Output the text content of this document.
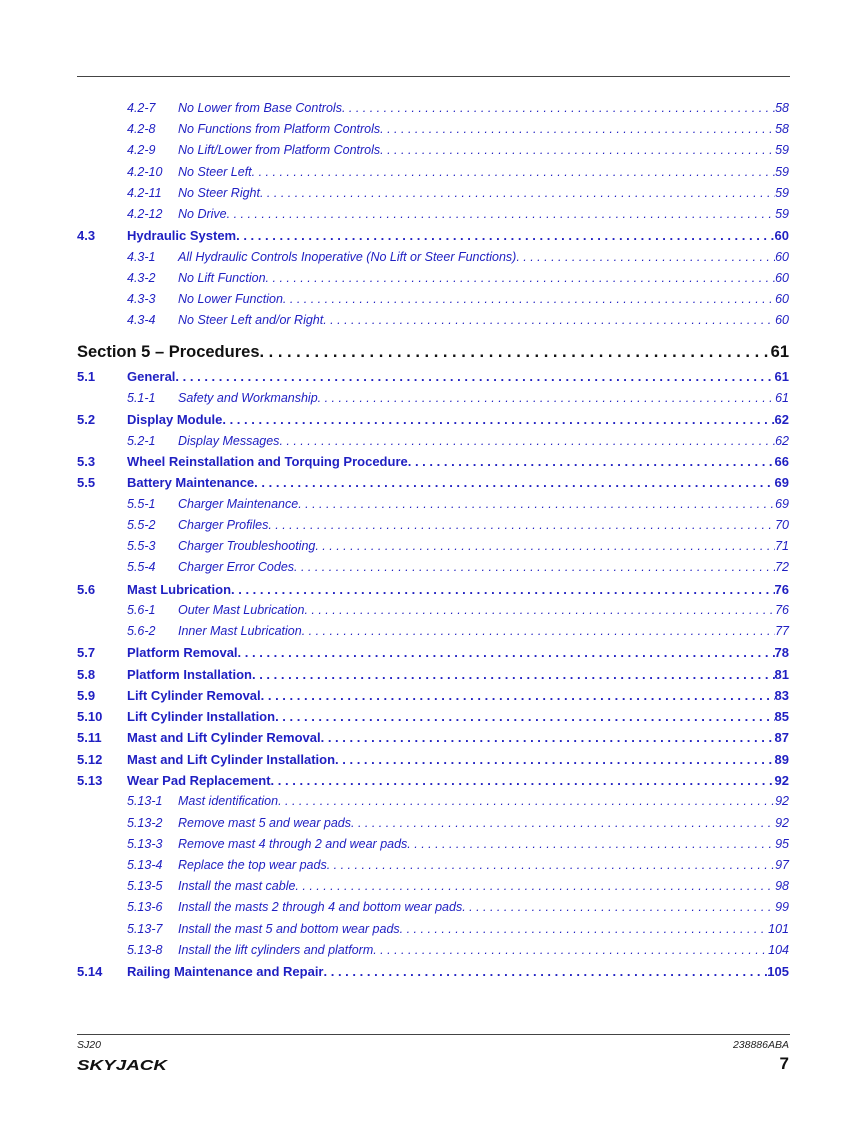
4.2-7 No Lower from Base Controls . . .	58
4.2-8 No Functions from Platform Controls . . .	58
4.2-9 No Lift/Lower from Platform Controls . . .	59
4.2-10 No Steer Left . . .	59
4.2-11 No Steer Right . . .	59
4.2-12 No Drive . . .	59
4.3 Hydraulic System . . .	60
4.3-1 All Hydraulic Controls Inoperative (No Lift or Steer Functions) . . .	60
4.3-2 No Lift Function . . .	60
4.3-3 No Lower Function . . .	60
4.3-4 No Steer Left and/or Right . . .	60
Section 5 – Procedures . . .	61
5.1 General . . .	61
5.1-1 Safety and Workmanship . . .	61
5.2 Display Module . . .	62
5.2-1 Display Messages . . .	62
5.3 Wheel Reinstallation and Torquing Procedure . . .	66
5.5 Battery Maintenance . . .	69
5.5-1 Charger Maintenance . . .	69
5.5-2 Charger Profiles . . .	70
5.5-3 Charger Troubleshooting . . .	71
5.5-4 Charger Error Codes . . .	72
5.6 Mast Lubrication . . .	76
5.6-1 Outer Mast Lubrication . . .	76
5.6-2 Inner Mast Lubrication . . .	77
5.7 Platform Removal . . .	78
5.8 Platform Installation . . .	81
5.9 Lift Cylinder Removal . . .	83
5.10 Lift Cylinder Installation . . .	85
5.11 Mast and Lift Cylinder Removal . . .	87
5.12 Mast and Lift Cylinder Installation . . .	89
5.13 Wear Pad Replacement . . .	92
5.13-1 Mast identification . . .	92
5.13-2 Remove mast 5 and wear pads . . .	92
5.13-3 Remove mast 4 through 2 and wear pads . . .	95
5.13-4 Replace the top wear pads . . .	97
5.13-5 Install the mast cable . . .	98
5.13-6 Install the masts 2 through 4 and bottom wear pads . . .	99
5.13-7 Install the mast 5 and bottom wear pads . . .	101
5.13-8 Install the lift cylinders and platform . . .	104
5.14 Railing Maintenance and Repair . . .	105
SJ20	238886ABA
SKYJACK	7
